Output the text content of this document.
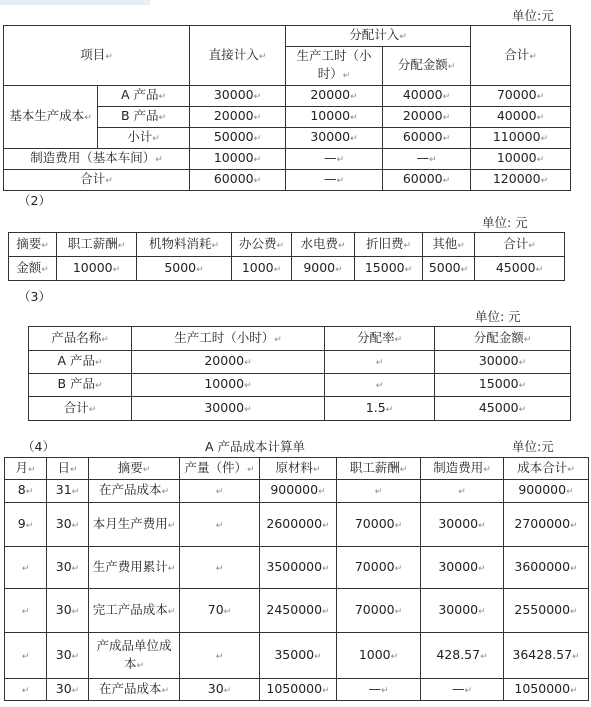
单位:元
项目↵		直接计入↵	分配计入↵		合计↵
			生产工时（小时）↵	分配金额↵	
基本生产成本↵	A 产品↵	30000↵	20000↵	40000↵	70000↵
	B 产品↵	20000↵	10000↵	20000↵	40000↵
	小计↵	50000↵	30000↵	60000↵	110000↵
制造费用（基本车间）↵		10000↵	—↵	—↵	10000↵
合计↵		60000↵	—↵	60000↵	120000↵
（2）
单位: 元
摘要↵	职工薪酬↵	机物料消耗↵	办公费↵	水电费↵	折旧费↵	其他↵	合计↵
金额↵	10000↵	5000↵	1000↵	9000↵	15000↵	5000↵	45000↵
（3）
单位: 元
产品名称↵	生产工时（小时）↵	分配率↵	分配金额↵
A 产品↵	20000↵	↵	30000↵
B 产品↵	10000↵	↵	15000↵
合计↵	30000↵	1.5↵	45000↵
（4）	A 产品成本计算单	单位:元
月↵	日↵	摘要↵	产量（件）↵	原材料↵	职工薪酬↵	制造费用↵	成本合计↵
8↵	31↵	在产品成本↵	↵	900000↵	↵	↵	900000↵
9↵	30↵	本月生产费用↵	↵	2600000↵	70000↵	30000↵	2700000↵
↵	30↵	生产费用累计↵	↵	3500000↵	70000↵	30000↵	3600000↵
↵	30↵	完工产品成本↵	70↵	2450000↵	70000↵	30000↵	2550000↵
↵	30↵	产成品单位成本↵	↵	35000↵	1000↵	428.57↵	36428.57↵
↵	30↵	在产品成本↵	30↵	1050000↵	—↵	—↵	1050000↵
